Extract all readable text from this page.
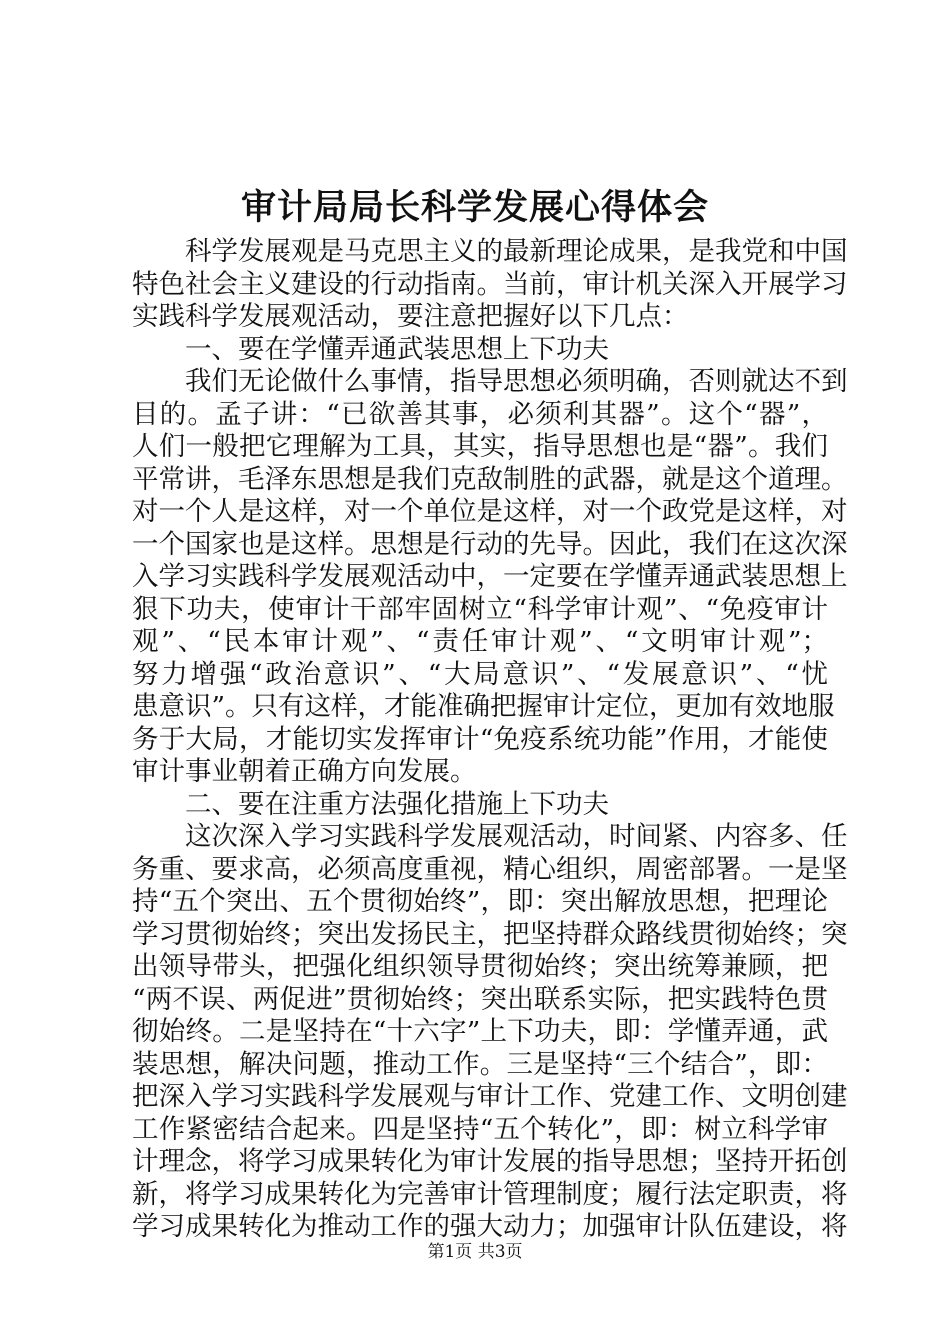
审计局局长科学发展心得体会
科学发展观是马克思主义的最新理论成果，是我党和中国
特色社会主义建设的行动指南。当前，审计机关深入开展学习
实践科学发展观活动，要注意把握好以下几点：
一、要在学懂弄通武装思想上下功夫
我们无论做什么事情，指导思想必须明确，否则就达不到
目的。孟子讲：“已欲善其事，必须利其器”。这个“器”，
人们一般把它理解为工具，其实，指导思想也是“器”。我们
平常讲，毛泽东思想是我们克敌制胜的武器，就是这个道理。
对一个人是这样，对一个单位是这样，对一个政党是这样，对
一个国家也是这样。思想是行动的先导。因此，我们在这次深
入学习实践科学发展观活动中，一定要在学懂弄通武装思想上
狠下功夫，使审计干部牢固树立“科学审计观”、“免疫审计
观”、“民本审计观”、“责任审计观”、“文明审计观”；
努力增强“政治意识”、“大局意识”、“发展意识”、“忧
患意识”。只有这样，才能准确把握审计定位，更加有效地服
务于大局，才能切实发挥审计“免疫系统功能”作用，才能使
审计事业朝着正确方向发展。
二、要在注重方法强化措施上下功夫
这次深入学习实践科学发展观活动，时间紧、内容多、任
务重、要求高，必须高度重视，精心组织，周密部署。一是坚
持“五个突出、五个贯彻始终”，即：突出解放思想，把理论
学习贯彻始终；突出发扬民主，把坚持群众路线贯彻始终；突
出领导带头，把强化组织领导贯彻始终；突出统筹兼顾，把
“两不误、两促进”贯彻始终；突出联系实际，把实践特色贯
彻始终。二是坚持在“十六字”上下功夫，即：学懂弄通，武
装思想，解决问题，推动工作。三是坚持“三个结合”，即：
把深入学习实践科学发展观与审计工作、党建工作、文明创建
工作紧密结合起来。四是坚持“五个转化”，即：树立科学审
计理念，将学习成果转化为审计发展的指导思想；坚持开拓创
新，将学习成果转化为完善审计管理制度；履行法定职责，将
学习成果转化为推动工作的强大动力；加强审计队伍建设，将
第1页 共3页
